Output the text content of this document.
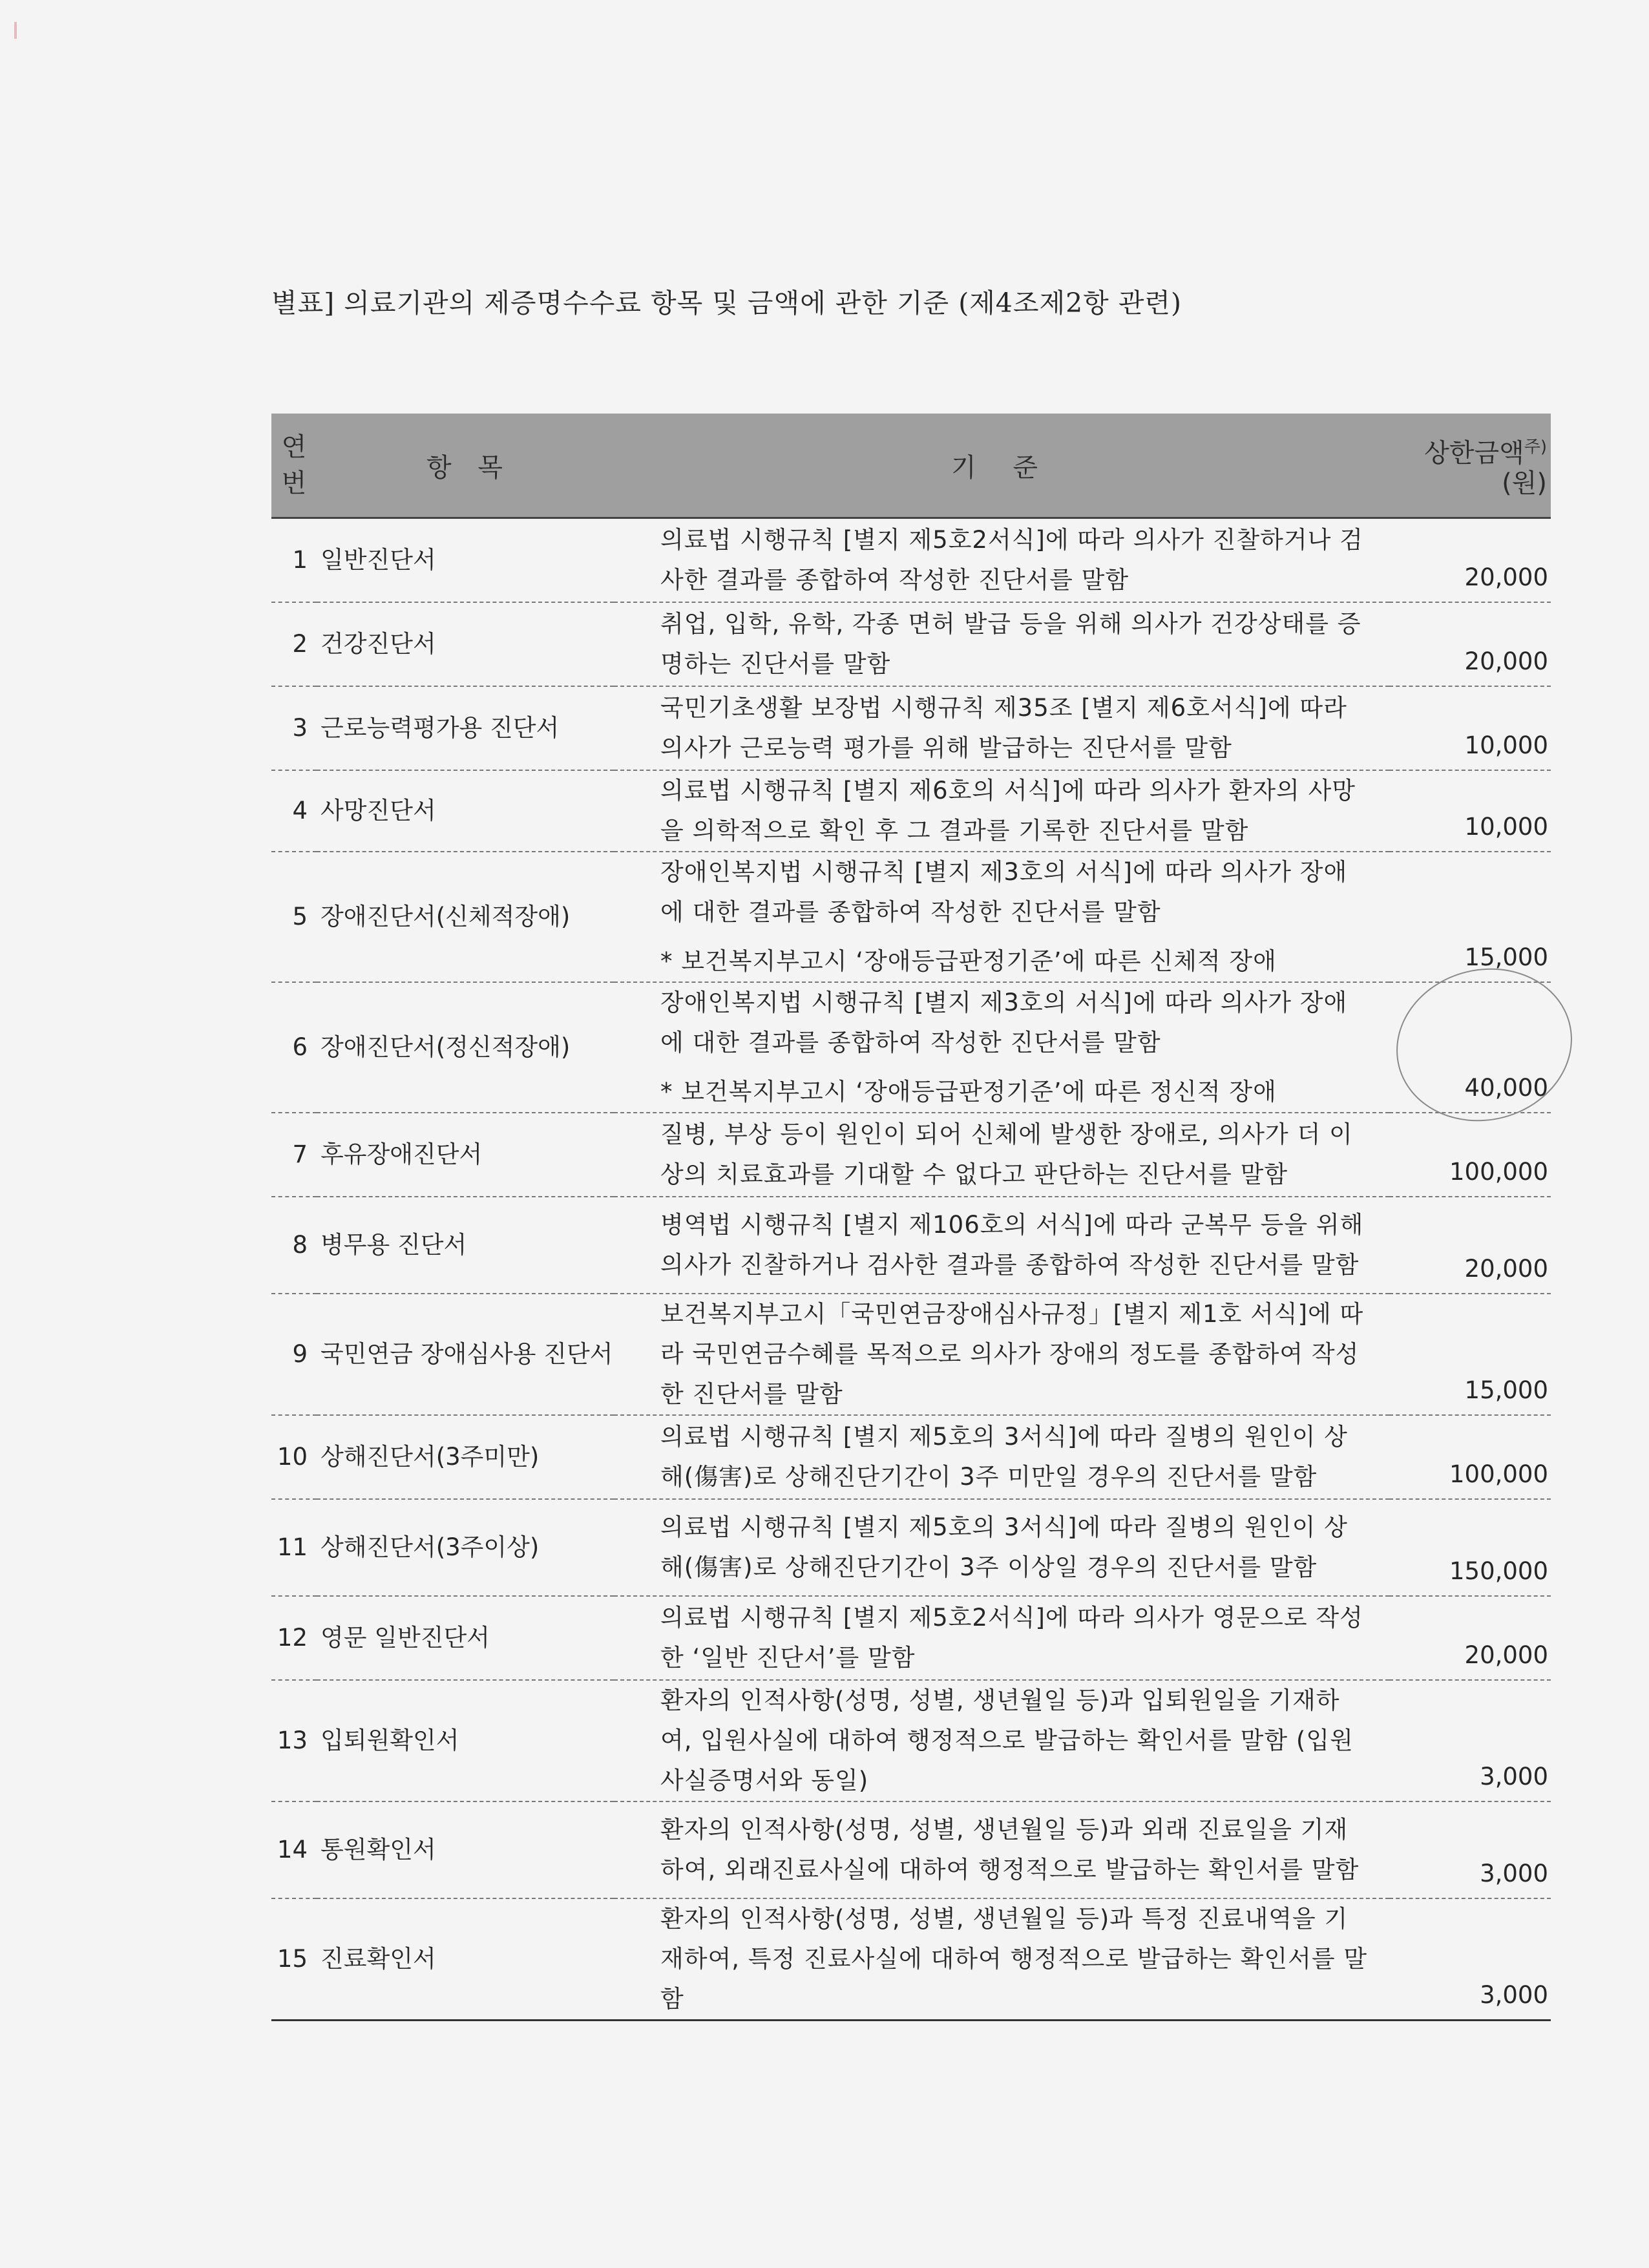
별표] 의료기관의 제증명수수료 항목 및 금액에 관한 기준 (제4조제2항 관련)
연
번	항 목	기 준	상한금액$^{주)}$
(원)
1	일반진단서	의료법 시행규칙 [별지 제5호2서식]에 따라 의사가 진찰하거나 검사한 결과를 종합하여 작성한 진단서를 말함	20,000
2	건강진단서	취업, 입학, 유학, 각종 면허 발급 등을 위해 의사가 건강상태를 증명하는 진단서를 말함	20,000
3	근로능력평가용 진단서	국민기초생활 보장법 시행규칙 제35조 [별지 제6호서식]에 따라 의사가 근로능력 평가를 위해 발급하는 진단서를 말함	10,000
4	사망진단서	의료법 시행규칙 [별지 제6호의 서식]에 따라 의사가 환자의 사망을 의학적으로 확인 후 그 결과를 기록한 진단서를 말함	10,000
5	장애진단서(신체적장애)	장애인복지법 시행규칙 [별지 제3호의 서식]에 따라 의사가 장애에 대한 결과를 종합하여 작성한 진단서를 말함
* 보건복지부고시 ‘장애등급판정기준’에 따른 신체적 장애	15,000
6	장애진단서(정신적장애)	장애인복지법 시행규칙 [별지 제3호의 서식]에 따라 의사가 장애에 대한 결과를 종합하여 작성한 진단서를 말함
* 보건복지부고시 ‘장애등급판정기준’에 따른 정신적 장애	40,000
7	후유장애진단서	질병, 부상 등이 원인이 되어 신체에 발생한 장애로, 의사가 더 이상의 치료효과를 기대할 수 없다고 판단하는 진단서를 말함	100,000
8	병무용 진단서	병역법 시행규칙 [별지 제106호의 서식]에 따라 군복무 등을 위해 의사가 진찰하거나 검사한 결과를 종합하여 작성한 진단서를 말함	20,000
9	국민연금 장애심사용 진단서	보건복지부고시「국민연금장애심사규정」[별지 제1호 서식]에 따라 국민연금수혜를 목적으로 의사가 장애의 정도를 종합하여 작성한 진단서를 말함	15,000
10	상해진단서(3주미만)	의료법 시행규칙 [별지 제5호의 3서식]에 따라 질병의 원인이 상해(傷害)로 상해진단기간이 3주 미만일 경우의 진단서를 말함	100,000
11	상해진단서(3주이상)	의료법 시행규칙 [별지 제5호의 3서식]에 따라 질병의 원인이 상해(傷害)로 상해진단기간이 3주 이상일 경우의 진단서를 말함	150,000
12	영문 일반진단서	의료법 시행규칙 [별지 제5호2서식]에 따라 의사가 영문으로 작성한 ‘일반 진단서’를 말함	20,000
13	입퇴원확인서	환자의 인적사항(성명, 성별, 생년월일 등)과 입퇴원일을 기재하여, 입원사실에 대하여 행정적으로 발급하는 확인서를 말함 (입원사실증명서와 동일)	3,000
14	통원확인서	환자의 인적사항(성명, 성별, 생년월일 등)과 외래 진료일을 기재하여, 외래진료사실에 대하여 행정적으로 발급하는 확인서를 말함	3,000
15	진료확인서	환자의 인적사항(성명, 성별, 생년월일 등)과 특정 진료내역을 기재하여, 특정 진료사실에 대하여 행정적으로 발급하는 확인서를 말함	3,000
